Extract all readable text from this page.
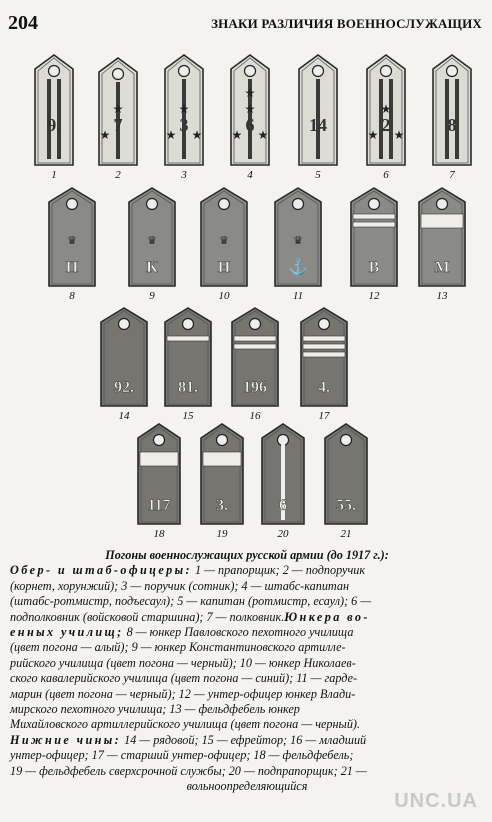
204	ЗНАКИ РАЗЛИЧИЯ ВОЕННОСЛУЖАЩИХ
9.
1
★
★ 7
2
★
★ ★
3
3
★
★ ★
★
6
4
14
5
★
★ ★
2
6
8
7
♛
П
8
♛
К
9
♛
Н
10
♛
⚓
11
В
12
М
13
92.
14
81.
15
196
16
4.
17
117
18
3.
19
6
20
55.
21
Погоны военнослужащих русской армии (до 1917 г.):
Обер- и штаб-офицеры: 1 — прапорщик; 2 — подпоручик
(корнет, хорунжий); 3 — поручик (сотник); 4 — штабс-капитан
(штабс-ротмистр, подъесаул); 5 — капитан (ротмистр, есаул); 6 —
подполковник (войсковой старшина); 7 — полковник.Юнкера во-
енных училищ; 8 — юнкер Павловского пехотного училища
(цвет погона — алый); 9 — юнкер Константиновского артилле-
рийского училища (цвет погона — черный); 10 — юнкер Николаев-
ского кавалерийского училища (цвет погона — синий); 11 — гарде-
марин (цвет погона — черный); 12 — унтер-офицер юнкер Влади-
мирского пехотного училища; 13 — фельдфебель юнкер
Михайловского артиллерийского училища (цвет погона — черный).
Нижние чины: 14 — рядовой; 15 — ефрейтор; 16 — младший
унтер-офицер; 17 — старший унтер-офицер; 18 — фельдфебель;
19 — фельдфебель сверхсрочной службы; 20 — подпрапорщик; 21 —
вольноопределяющийся
UNC.UA
